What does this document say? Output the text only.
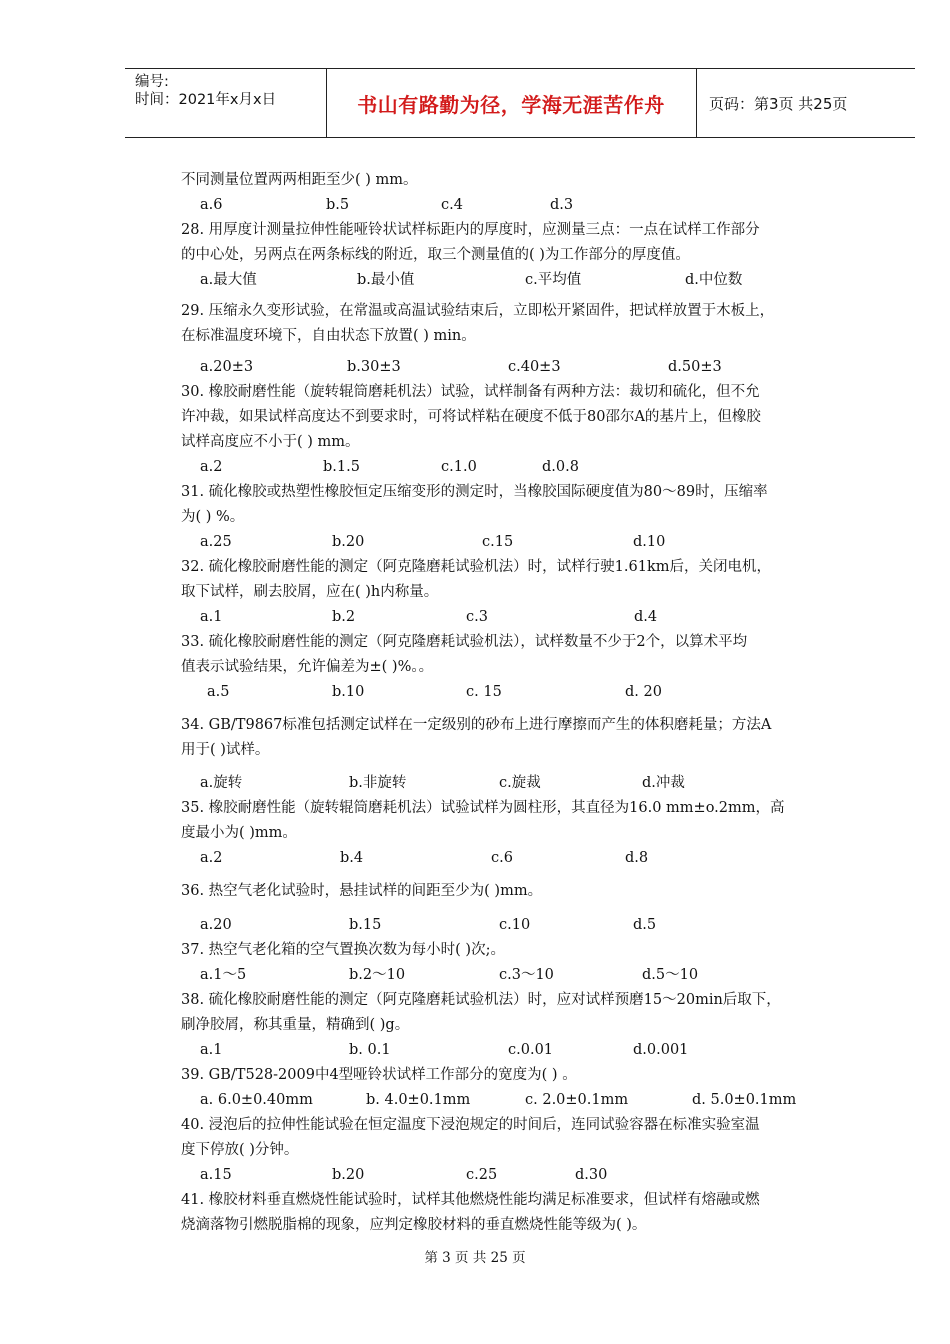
编号:
时间：2021年x月x日	书山有路勤为径，学海无涯苦作舟	页码：第3页 共25页
不同测量位置两两相距至少( ) mm。
a.6	b.5	c.4	d.3
28. 用厚度计测量拉伸性能哑铃状试样标距内的厚度时，应测量三点：一点在试样工作部分
的中心处，另两点在两条标线的附近，取三个测量值的( )为工作部分的厚度值。
a.最大值	b.最小值	c.平均值	d.中位数
29. 压缩永久变形试验，在常温或高温试验结束后，立即松开紧固件，把试样放置于木板上，
在标准温度环境下，自由状态下放置( ) min。
a.20±3	b.30±3	c.40±3	d.50±3
30. 橡胶耐磨性能（旋转辊筒磨耗机法）试验，试样制备有两种方法：裁切和硫化，但不允
许冲裁，如果试样高度达不到要求时，可将试样粘在硬度不低于80邵尔A的基片上，但橡胶
试样高度应不小于( ) mm。
a.2	b.1.5	c.1.0	d.0.8
31. 硫化橡胶或热塑性橡胶恒定压缩变形的测定时，当橡胶国际硬度值为80～89时，压缩率
为( ) %。
a.25	b.20	c.15	d.10
32. 硫化橡胶耐磨性能的测定（阿克隆磨耗试验机法）时，试样行驶1.61km后，关闭电机，
取下试样，刷去胶屑，应在( )h内称量。
a.1	b.2	c.3	d.4
33. 硫化橡胶耐磨性能的测定（阿克隆磨耗试验机法），试样数量不少于2个，以算术平均
值表示试验结果，允许偏差为±( )%。。
a.5	b.10	c. 15	d. 20
34. GB/T9867标准包括测定试样在一定级别的砂布上进行摩擦而产生的体积磨耗量；方法A
用于( )试样。
a.旋转	b.非旋转	c.旋裁	d.冲裁
35. 橡胶耐磨性能（旋转辊筒磨耗机法）试验试样为圆柱形，其直径为16.0 mm±o.2mm，高
度最小为( )mm。
a.2	b.4	c.6	d.8
36. 热空气老化试验时，悬挂试样的间距至少为( )mm。
a.20	b.15	c.10	d.5
37. 热空气老化箱的空气置换次数为每小时( )次;。
a.1～5	b.2～10	c.3～10	d.5～10
38. 硫化橡胶耐磨性能的测定（阿克隆磨耗试验机法）时，应对试样预磨15～20min后取下，
刷净胶屑，称其重量，精确到( )g。
a.1	b. 0.1	c.0.01	d.0.001
39. GB/T528-2009中4型哑铃状试样工作部分的宽度为( ) 。
a. 6.0±0.40mm	b. 4.0±0.1mm	c. 2.0±0.1mm	d. 5.0±0.1mm
40. 浸泡后的拉伸性能试验在恒定温度下浸泡规定的时间后，连同试验容器在标准实验室温
度下停放( )分钟。
a.15	b.20	c.25	d.30
41. 橡胶材料垂直燃烧性能试验时，试样其他燃烧性能均满足标准要求，但试样有熔融或燃
烧滴落物引燃脱脂棉的现象，应判定橡胶材料的垂直燃烧性能等级为( )。
第 3 页 共 25 页
